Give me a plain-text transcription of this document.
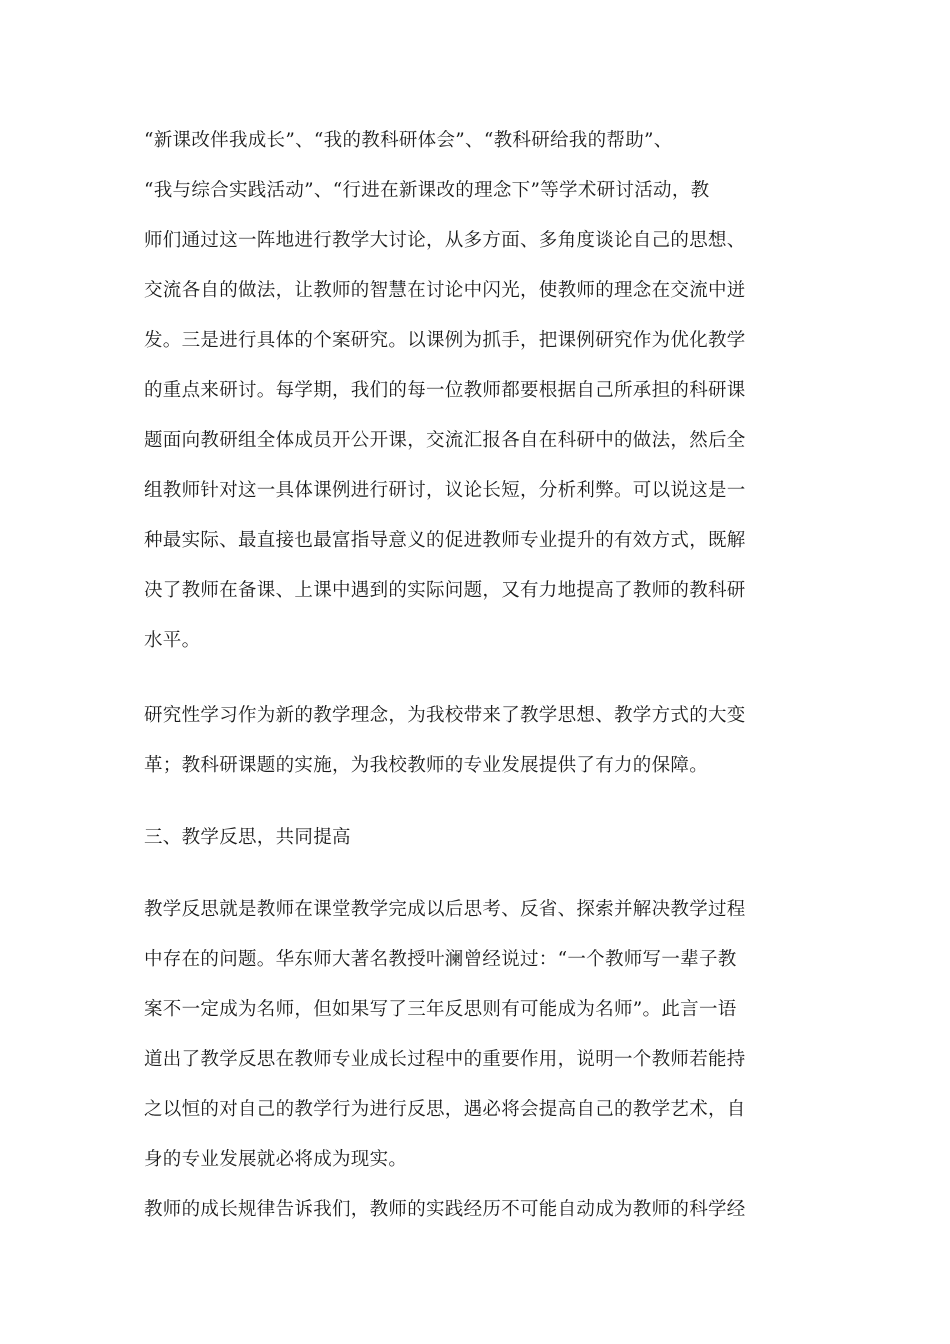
“新课改伴我成长”、“我的教科研体会”、“教科研给我的帮助”、
“我与综合实践活动”、“行进在新课改的理念下”等学术研讨活动，教
师们通过这一阵地进行教学大讨论，从多方面、多角度谈论自己的思想、
交流各自的做法，让教师的智慧在讨论中闪光，使教师的理念在交流中迸
发。三是进行具体的个案研究。以课例为抓手，把课例研究作为优化教学
的重点来研讨。每学期，我们的每一位教师都要根据自己所承担的科研课
题面向教研组全体成员开公开课，交流汇报各自在科研中的做法，然后全
组教师针对这一具体课例进行研讨，议论长短，分析利弊。可以说这是一
种最实际、最直接也最富指导意义的促进教师专业提升的有效方式，既解
决了教师在备课、上课中遇到的实际问题，又有力地提高了教师的教科研
水平。
研究性学习作为新的教学理念，为我校带来了教学思想、教学方式的大变
革；教科研课题的实施，为我校教师的专业发展提供了有力的保障。
三、教学反思，共同提高
教学反思就是教师在课堂教学完成以后思考、反省、探索并解决教学过程
中存在的问题。华东师大著名教授叶澜曾经说过：“一个教师写一辈子教
案不一定成为名师，但如果写了三年反思则有可能成为名师”。此言一语
道出了教学反思在教师专业成长过程中的重要作用，说明一个教师若能持
之以恒的对自己的教学行为进行反思，遇必将会提高自己的教学艺术，自
身的专业发展就必将成为现实。
教师的成长规律告诉我们，教师的实践经历不可能自动成为教师的科学经
